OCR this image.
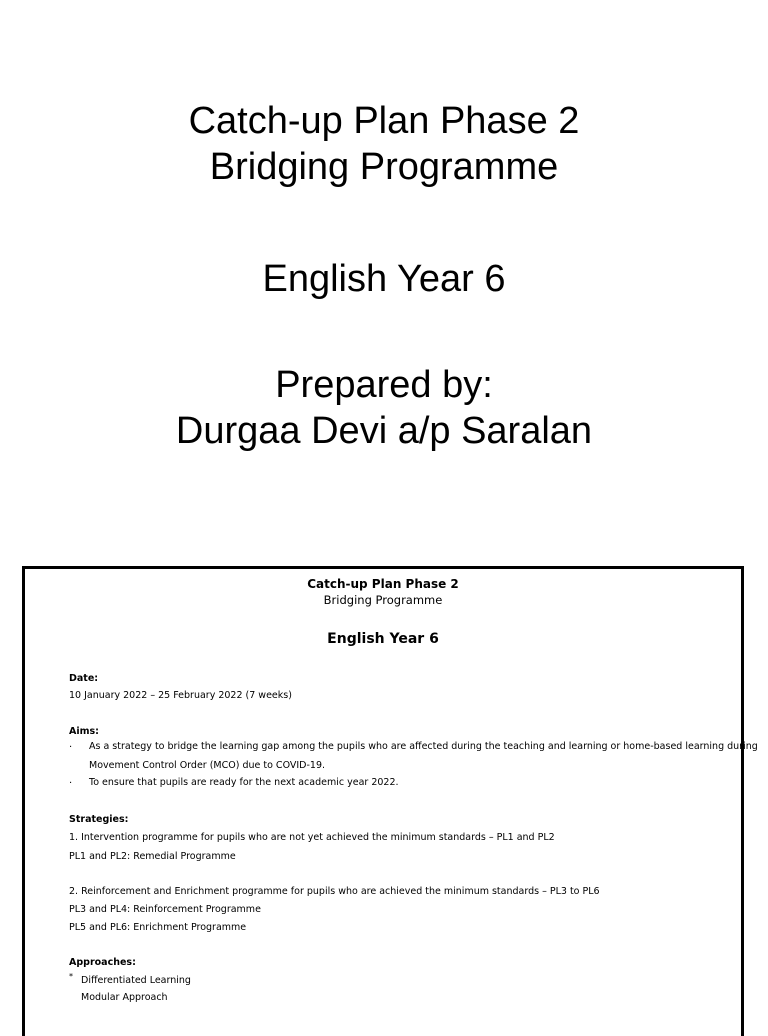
Catch-up Plan Phase 2

Bridging Programme

English Year 6

Prepared by:

Durgaa Devi a/p Saralan

Catch-up Plan Phase 2
Bridging Programme
English Year 6
Date:
10 January 2022 – 25 February 2022 (7 weeks)
Aims:
. As a strategy to bridge the learning gap among the pupils who are affected during the teaching and learning or home-based learning during
Movement Control Order (MCO) due to COVID-19.
. To ensure that pupils are ready for the next academic year 2022.
Strategies:
1. Intervention programme for pupils who are not yet achieved the minimum standards – PL1 and PL2
PL1 and PL2: Remedial Programme
2. Reinforcement and Enrichment programme for pupils who are achieved the minimum standards – PL3 to PL6
PL3 and PL4: Reinforcement Programme
PL5 and PL6: Enrichment Programme
Approaches:
* Differentiated Learning
Modular Approach
